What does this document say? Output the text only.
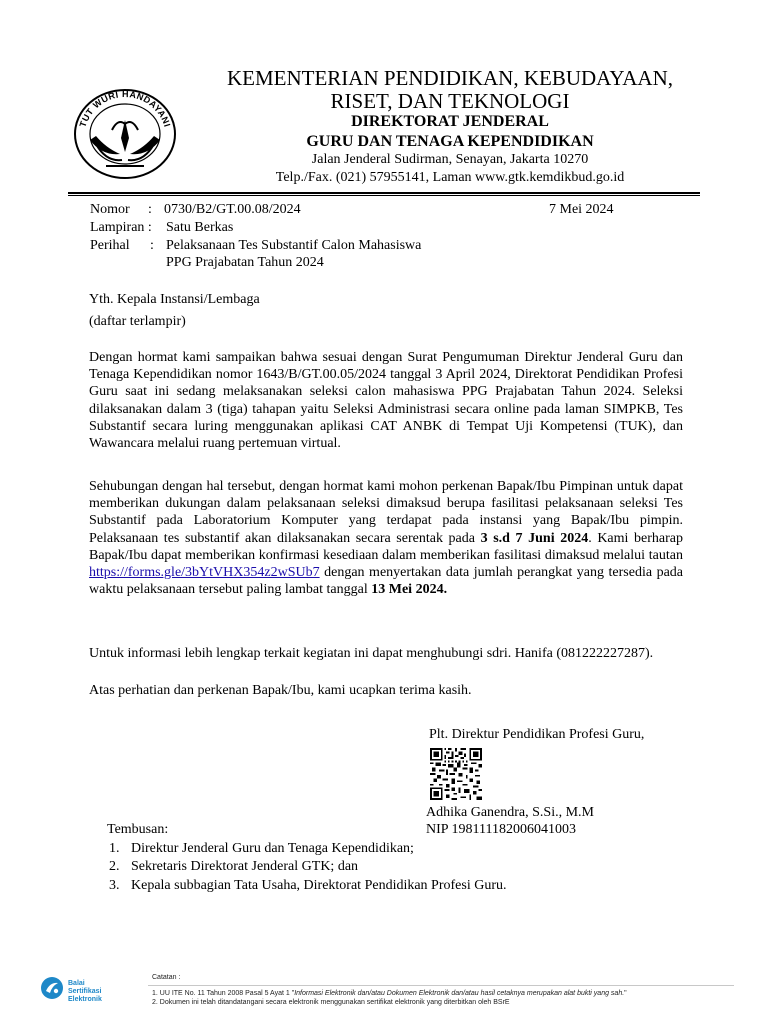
TUT WURI HANDAYANI
KEMENTERIAN PENDIDIKAN, KEBUDAYAAN,
RISET, DAN TEKNOLOGI
DIREKTORAT JENDERAL
GURU DAN TENAGA KEPENDIDIKAN
Jalan Jenderal Sudirman, Senayan, Jakarta 10270
Telp./Fax. (021) 57955141, Laman www.gtk.kemdikbud.go.id
Nomor : 0730/B2/GT.00.08/2024	7 Mei 2024
Lampiran : Satu Berkas
Perihal : Pelaksanaan Tes Substantif Calon Mahasiswa
PPG Prajabatan Tahun 2024
Yth. Kepala Instansi/Lembaga
(daftar terlampir)
Dengan hormat kami sampaikan bahwa sesuai dengan Surat Pengumuman Direktur Jenderal Guru dan Tenaga Kependidikan nomor 1643/B/GT.00.05/2024 tanggal 3 April 2024, Direktorat Pendidikan Profesi Guru saat ini sedang melaksanakan seleksi calon mahasiswa PPG Prajabatan Tahun 2024. Seleksi dilaksanakan dalam 3 (tiga) tahapan yaitu Seleksi Administrasi secara online pada laman SIMPKB, Tes Substantif secara luring menggunakan aplikasi CAT ANBK di Tempat Uji Kompetensi (TUK), dan Wawancara melalui ruang pertemuan virtual.
Sehubungan dengan hal tersebut, dengan hormat kami mohon perkenan Bapak/Ibu Pimpinan untuk dapat memberikan dukungan dalam pelaksanaan seleksi dimaksud berupa fasilitasi pelaksanaan seleksi Tes Substantif pada Laboratorium Komputer yang terdapat pada instansi yang Bapak/Ibu pimpin. Pelaksanaan tes substantif akan dilaksanakan secara serentak pada 3 s.d 7 Juni 2024. Kami berharap Bapak/Ibu dapat memberikan konfirmasi kesediaan dalam memberikan fasilitasi dimaksud melalui tautan https://forms.gle/3bYtVHX354z2wSUb7 dengan menyertakan data jumlah perangkat yang tersedia pada waktu pelaksanaan tersebut paling lambat tanggal 13 Mei 2024.
Untuk informasi lebih lengkap terkait kegiatan ini dapat menghubungi sdri. Hanifa (081222227287).
Atas perhatian dan perkenan Bapak/Ibu, kami ucapkan terima kasih.
Plt. Direktur Pendidikan Profesi Guru,
Adhika Ganendra, S.Si., M.M
NIP 198111182006041003
Tembusan:
1. Direktur Jenderal Guru dan Tenaga Kependidikan;
2. Sekretaris Direktorat Jenderal GTK; dan
3. Kepala subbagian Tata Usaha, Direktorat Pendidikan Profesi Guru.
Balai
Sertifikasi
Elektronik
Catatan :
1. UU ITE No. 11 Tahun 2008 Pasal 5 Ayat 1 "Informasi Elektronik dan/atau Dokumen Elektronik dan/atau hasil cetaknya merupakan alat bukti yang sah."
2. Dokumen ini telah ditandatangani secara elektronik menggunakan sertifikat elektronik yang diterbitkan oleh BSrE
